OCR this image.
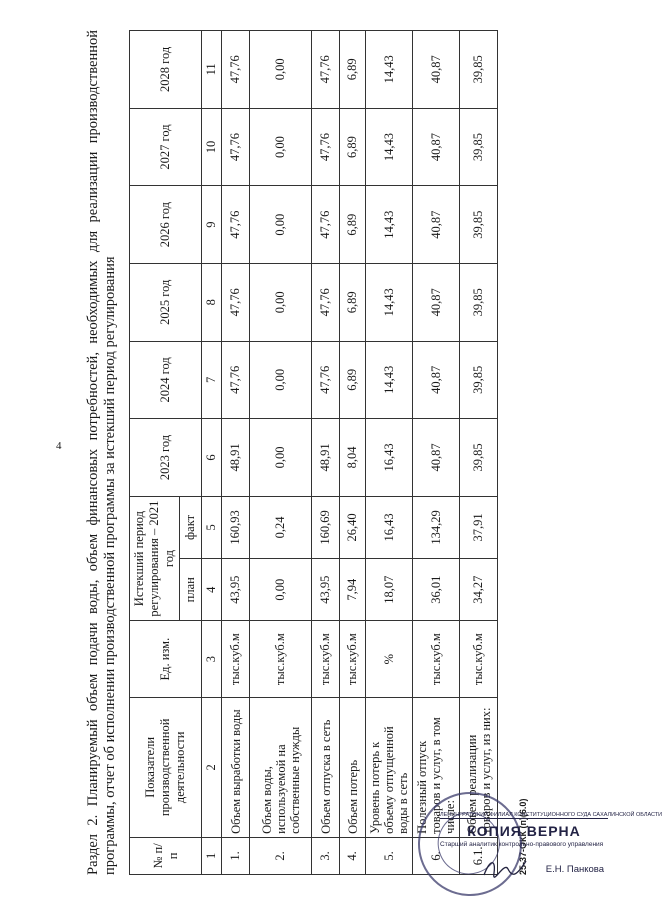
4 Раздел 2. Планируемый объем подачи воды, объем финансовых потребностей, необходимых для реализации производственной программы, отчет об исполнении производственной программы за истекший период регулирования	№ п/п	Показатели производственной деятельности	Ед. изм.	Истекший период регулирования – 2021 год		2023 год	2024 год	2025 год	2026 год	2027 год	2028 год
			план	факт						
1	2	3	4	5	6	7	8	9	10	11
1.	Объем выработки воды	тыс.куб.м	43,95	160,93	48,91	47,76	47,76	47,76	47,76	47,76
2.	Объем воды, используемой на собственные нужды	тыс.куб.м	0,00	0,24	0,00	0,00	0,00	0,00	0,00	0,00
3.	Объем отпуска в сеть	тыс.куб.м	43,95	160,69	48,91	47,76	47,76	47,76	47,76	47,76
4.	Объем потерь	тыс.куб.м	7,94	26,40	8,04	6,89	6,89	6,89	6,89	6,89
5.	Уровень потерь к объему отпущенной воды в сеть	%	18,07	16,43	16,43	14,43	14,43	14,43	14,43	14,43
6.	Полезный отпуск товаров и услуг, в том числе:	тыс.куб.м	36,01	134,29	40,87	40,87	40,87	40,87	40,87	40,87
6.1.	Объем реализации товаров и услуг, из них:	тыс.куб.м	34,27	37,91	39,85	39,85	39,85	39,85	39,85	39,85
25-37-ОКК (п)(6.0)
ЛЕНИНГРАДСКИЙ ФИЛИАЛ КОНСТИТУЦИОННОГО СУДА САХАЛИНСКОЙ ОБЛАСТИ
КОПИЯ ВЕРНА
Старший аналитик контрольно-правового управления
Е.Н. Панкова
